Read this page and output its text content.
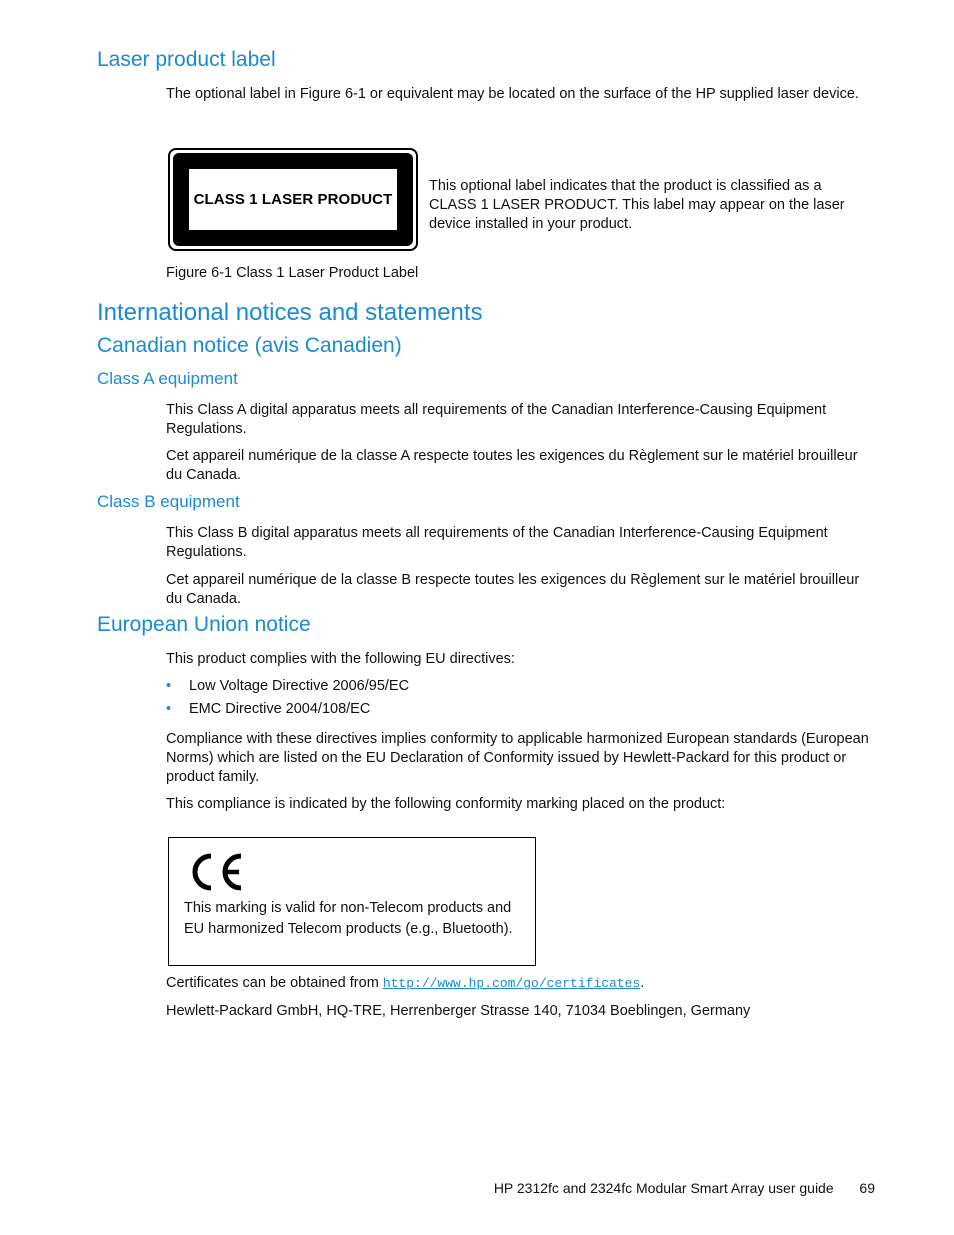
Laser product label

The optional label in Figure 6-1 or equivalent may be located on the surface of the HP supplied laser device.

CLASS 1 LASER PRODUCT

This optional label indicates that the product is classified as a CLASS 1 LASER PRODUCT. This label may appear on the laser device installed in your product.

Figure 6-1 Class 1 Laser Product Label
International notices and statements
Canadian notice (avis Canadien)
Class A equipment

This Class A digital apparatus meets all requirements of the Canadian Interference-Causing Equipment Regulations.

Cet appareil numérique de la classe A respecte toutes les exigences du Règlement sur le matériel brouilleur du Canada.

Class B equipment

This Class B digital apparatus meets all requirements of the Canadian Interference-Causing Equipment Regulations.

Cet appareil numérique de la classe B respecte toutes les exigences du Règlement sur le matériel brouilleur du Canada.

European Union notice

This product complies with the following EU directives:

• Low Voltage Directive 2006/95/EC
• EMC Directive 2004/108/EC

Compliance with these directives implies conformity to applicable harmonized European standards (European Norms) which are listed on the EU Declaration of Conformity issued by Hewlett-Packard for this product or product family.

This compliance is indicated by the following conformity marking placed on the product:

This marking is valid for non-Telecom products and EU harmonized Telecom products (e.g., Bluetooth).

Certificates can be obtained from http://www.hp.com/go/certificates.

Hewlett-Packard GmbH, HQ-TRE, Herrenberger Strasse 140, 71034 Boeblingen, Germany

HP 2312fc and 2324fc Modular Smart Array user guide 69
